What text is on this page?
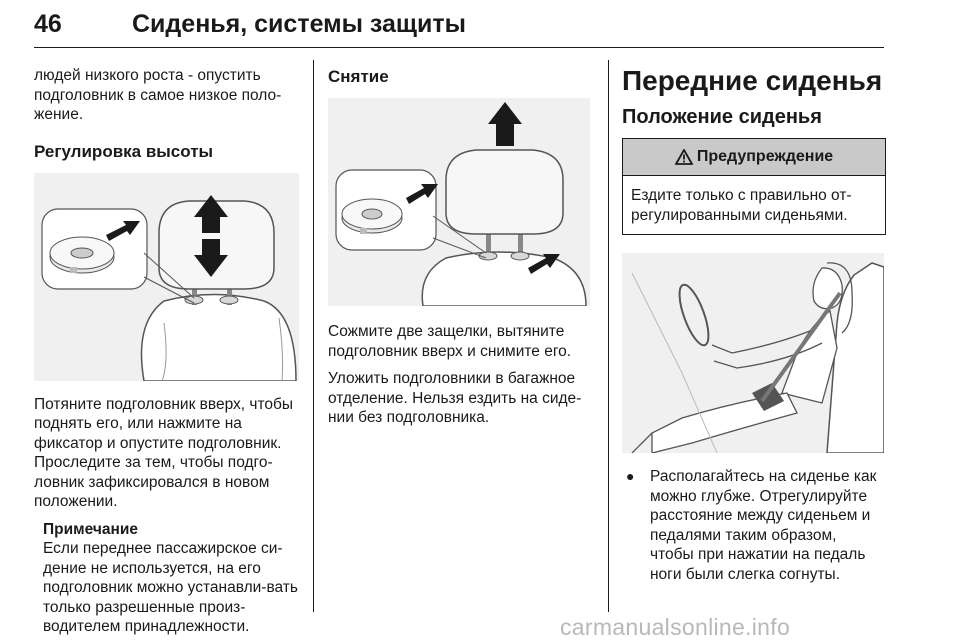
46	Сиденья, системы защиты

людей низкого роста - опустить подголовник в самое низкое поло-жение.

Регулировка высоты

Потяните подголовник вверх, чтобы поднять его, или нажмите на фиксатор и опустите подголовник. Проследите за тем, чтобы подго-ловник зафиксировался в новом положении.

Примечание
Если переднее пассажирское си-дение не используется, на его подголовник можно устанавли-вать только разрешенные произ-водителем принадлежности.
Снятие

Сожмите две защелки, вытяните подголовник вверх и снимите его.

Уложить подголовники в багажное отделение. Нельзя ездить на сиде-нии без подголовника.

Передние сиденья
Положение сиденья
Предупреждение
Ездите только с правильно от-регулированными сиденьями.
●	Располагайтесь на сиденье как можно глубже. Отрегулируйте расстояние между сиденьем и педалями таким образом, чтобы при нажатии на педаль ноги были слегка согнуты.
carmanualsonline.info
